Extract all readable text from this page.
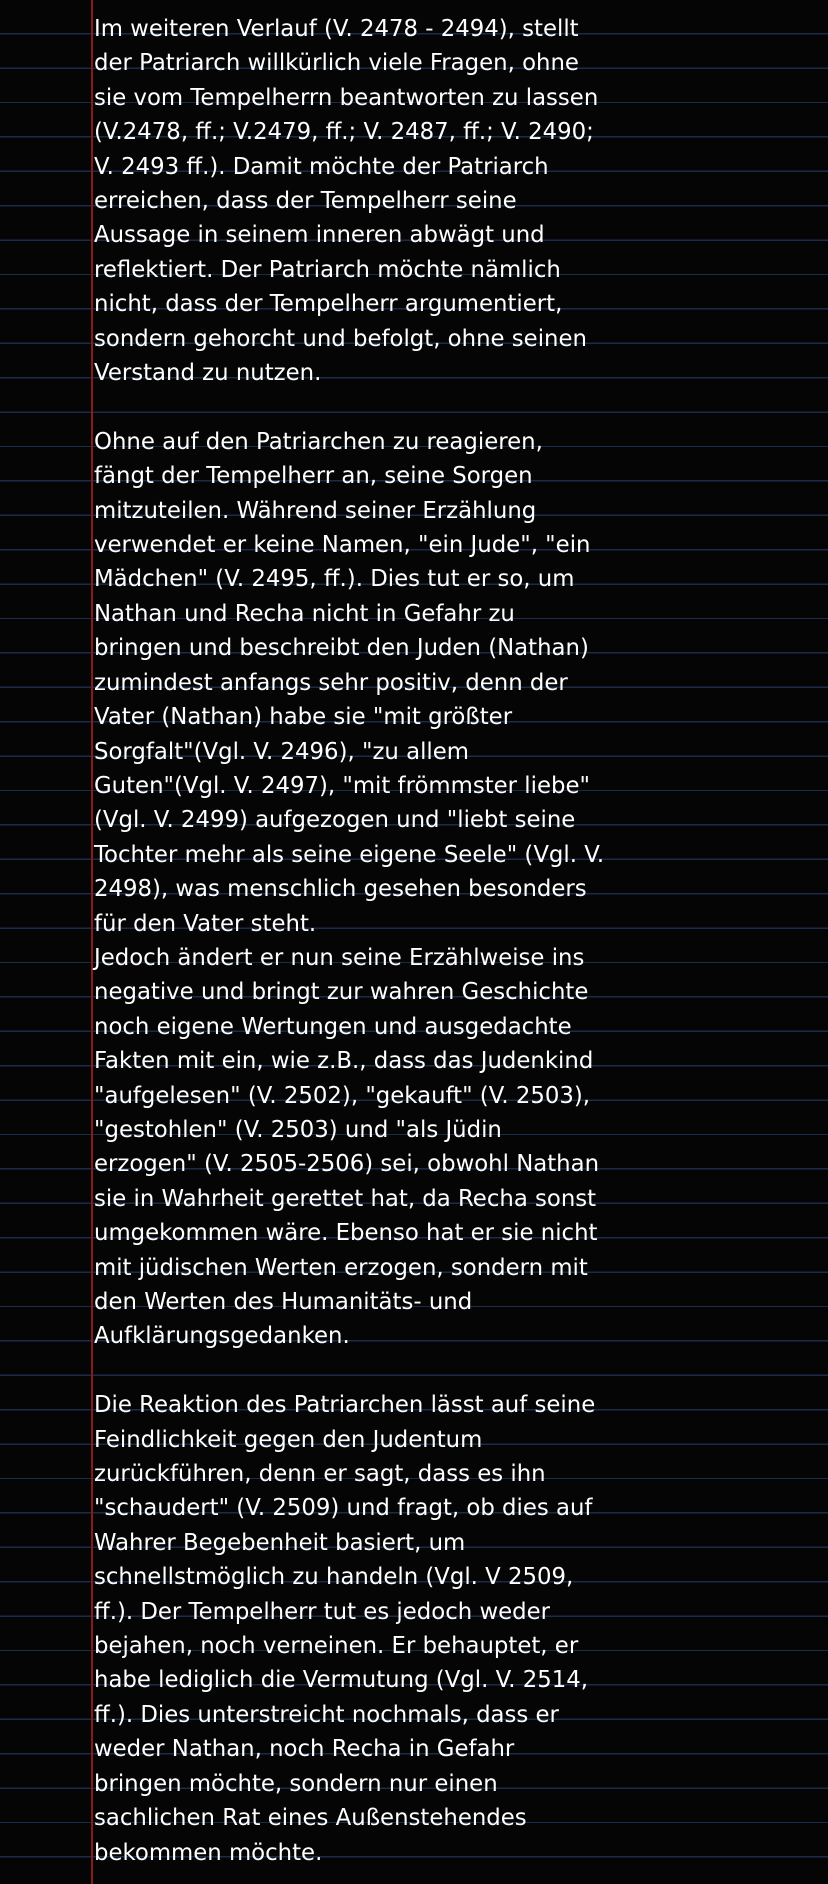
Im weiteren Verlauf (V. 2478 - 2494), stellt
der Patriarch willkürlich viele Fragen, ohne
sie vom Tempelherrn beantworten zu lassen
(V.2478, ff.; V.2479, ff.; V. 2487, ff.; V. 2490;
V. 2493 ff.). Damit möchte der Patriarch
erreichen, dass der Tempelherr seine
Aussage in seinem inneren abwägt und
reflektiert. Der Patriarch möchte nämlich
nicht, dass der Tempelherr argumentiert,
sondern gehorcht und befolgt, ohne seinen
Verstand zu nutzen.
Ohne auf den Patriarchen zu reagieren,
fängt der Tempelherr an, seine Sorgen
mitzuteilen. Während seiner Erzählung
verwendet er keine Namen, "ein Jude", "ein
Mädchen" (V. 2495, ff.). Dies tut er so, um
Nathan und Recha nicht in Gefahr zu
bringen und beschreibt den Juden (Nathan)
zumindest anfangs sehr positiv, denn der
Vater (Nathan) habe sie "mit größter
Sorgfalt"(Vgl. V. 2496), "zu allem
Guten"(Vgl. V. 2497), "mit frömmster liebe"
(Vgl. V. 2499) aufgezogen und "liebt seine
Tochter mehr als seine eigene Seele" (Vgl. V.
2498), was menschlich gesehen besonders
für den Vater steht.
Jedoch ändert er nun seine Erzählweise ins
negative und bringt zur wahren Geschichte
noch eigene Wertungen und ausgedachte
Fakten mit ein, wie z.B., dass das Judenkind
"aufgelesen" (V. 2502), "gekauft" (V. 2503),
"gestohlen" (V. 2503) und "als Jüdin
erzogen" (V. 2505-2506) sei, obwohl Nathan
sie in Wahrheit gerettet hat, da Recha sonst
umgekommen wäre. Ebenso hat er sie nicht
mit jüdischen Werten erzogen, sondern mit
den Werten des Humanitäts- und
Aufklärungsgedanken.
Die Reaktion des Patriarchen lässt auf seine
Feindlichkeit gegen den Judentum
zurückführen, denn er sagt, dass es ihn
"schaudert" (V. 2509) und fragt, ob dies auf
Wahrer Begebenheit basiert, um
schnellstmöglich zu handeln (Vgl. V 2509,
ff.). Der Tempelherr tut es jedoch weder
bejahen, noch verneinen. Er behauptet, er
habe lediglich die Vermutung (Vgl. V. 2514,
ff.). Dies unterstreicht nochmals, dass er
weder Nathan, noch Recha in Gefahr
bringen möchte, sondern nur einen
sachlichen Rat eines Außenstehendes
bekommen möchte.
